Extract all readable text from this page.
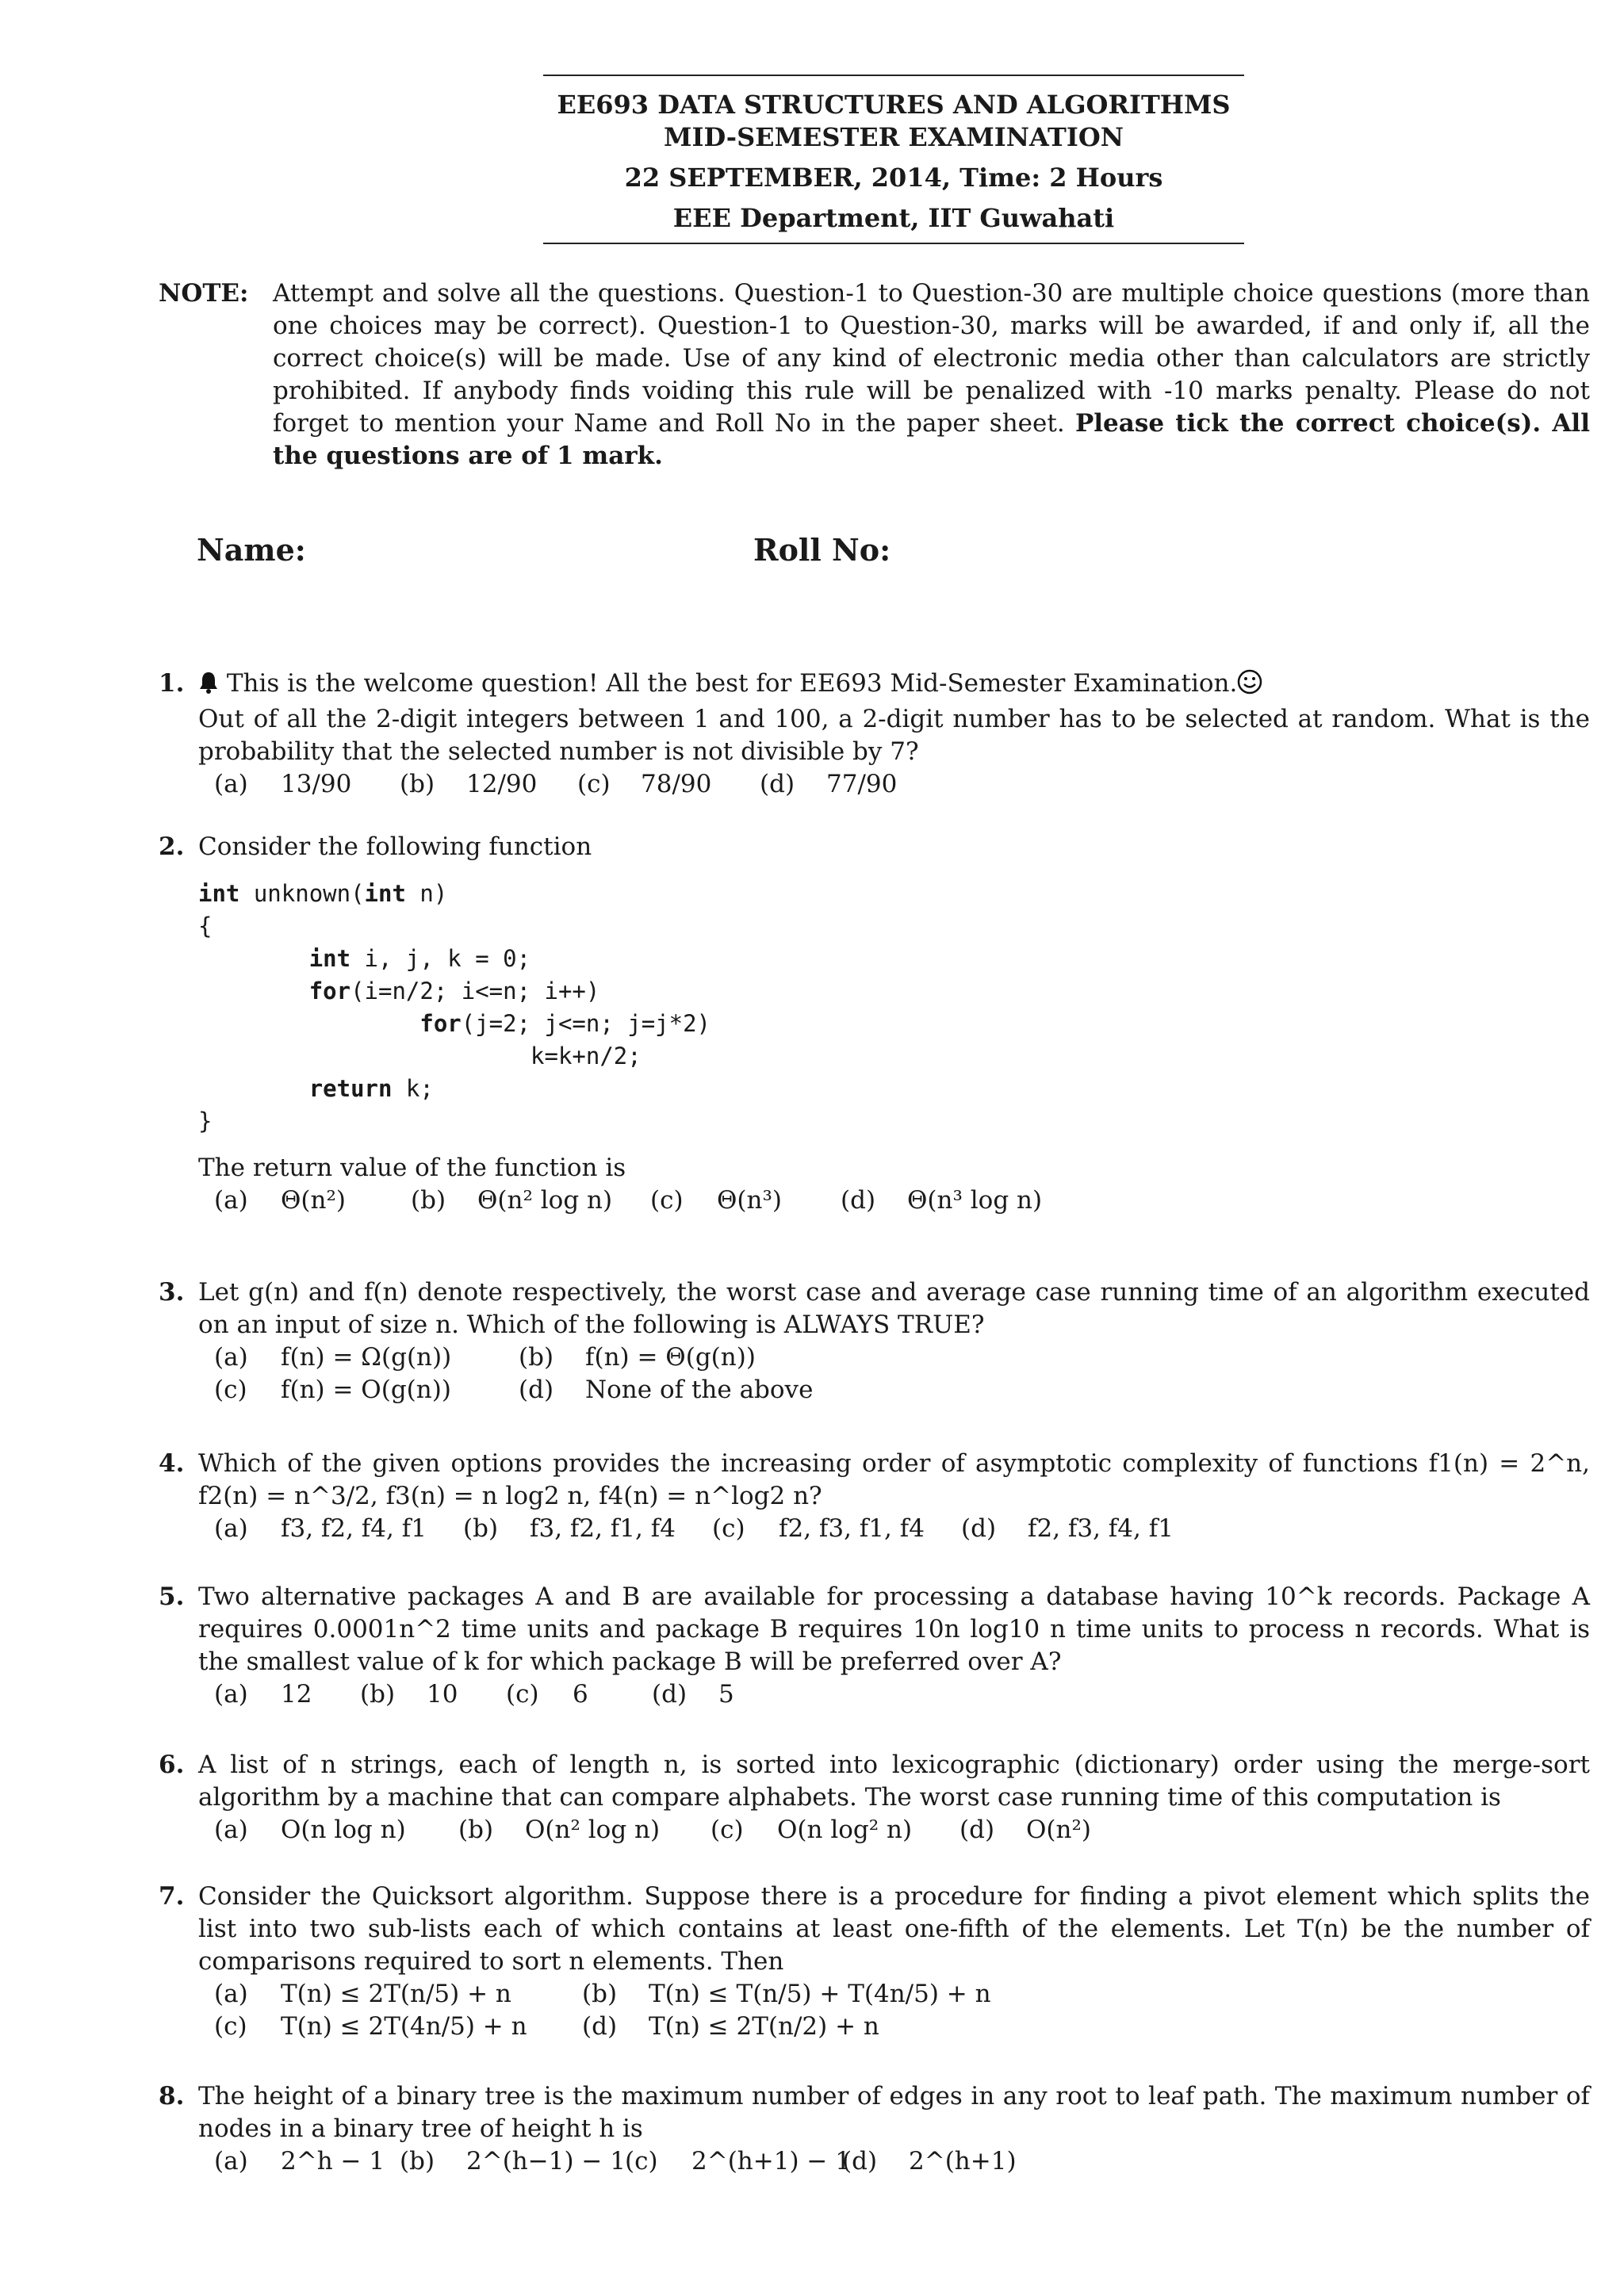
EE693 DATA STRUCTURES AND ALGORITHMS
MID-SEMESTER EXAMINATION
22 SEPTEMBER, 2014, Time: 2 Hours
EEE Department, IIT Guwahati
NOTE: Attempt and solve all the questions. Question-1 to Question-30 are multiple choice questions (more than one choices may be correct). Question-1 to Question-30, marks will be awarded, if and only if, all the correct choice(s) will be made. Use of any kind of electronic media other than calculators are strictly prohibited. If anybody finds voiding this rule will be penalized with -10 marks penalty. Please do not forget to mention your Name and Roll No in the paper sheet. Please tick the correct choice(s). All the questions are of 1 mark.
Name:	Roll No:
1.	This is the welcome question! All the best for EE693 Mid-Semester Examination.
Out of all the 2-digit integers between 1 and 100, a 2-digit number has to be selected at random. What is the probability that the selected number is not divisible by 7?
(a) 13/90 (b) 12/90 (c) 78/90 (d) 77/90
2. Consider the following function
int unknown(int n)
{
int i, j, k = 0;
for(i=n/2; i<=n; i++)
for(j=2; j<=n; j=j*2)
k=k+n/2;
return k;
}
The return value of the function is
(a) Θ(n²)	(b) Θ(n² log n) (c) Θ(n³) (d) Θ(n³ log n)
3. Let g(n) and f(n) denote respectively, the worst case and average case running time of an algorithm executed on an input of size n. Which of the following is ALWAYS TRUE?
(a) f(n) = Ω(g(n))	(b) f(n) = Θ(g(n))
(c) f(n) = O(g(n))	(d) None of the above
4. Which of the given options provides the increasing order of asymptotic complexity of functions f1(n) = 2^n, f2(n) = n^3/2, f3(n) = n log2 n, f4(n) = n^log2 n?
(a) f3, f2, f4, f1 (b) f3, f2, f1, f4 (c) f2, f3, f1, f4 (d) f2, f3, f4, f1
5. Two alternative packages A and B are available for processing a database having 10^k records. Package A requires 0.0001n^2 time units and package B requires 10n log10 n time units to process n records. What is the smallest value of k for which package B will be preferred over A?
(a) 12 (b) 10 (c) 6	(d) 5
6. A list of n strings, each of length n, is sorted into lexicographic (dictionary) order using the merge-sort algorithm by a machine that can compare alphabets. The worst case running time of this computation is
(a) O(n log n) (b) O(n² log n) (c) O(n log² n) (d) O(n²)
7. Consider the Quicksort algorithm. Suppose there is a procedure for finding a pivot element which splits the list into two sub-lists each of which contains at least one-fifth of the elements. Let T(n) be the number of comparisons required to sort n elements. Then
(a) T(n) ≤ 2T(n/5) + n	(b) T(n) ≤ T(n/5) + T(4n/5) + n
(c) T(n) ≤ 2T(4n/5) + n (d) T(n) ≤ 2T(n/2) + n
8. The height of a binary tree is the maximum number of edges in any root to leaf path. The maximum number of nodes in a binary tree of height h is
(a) 2^h − 1 (b) 2^(h−1) − 1(c) 2^(h+1) − 1(d) 2^(h+1)
